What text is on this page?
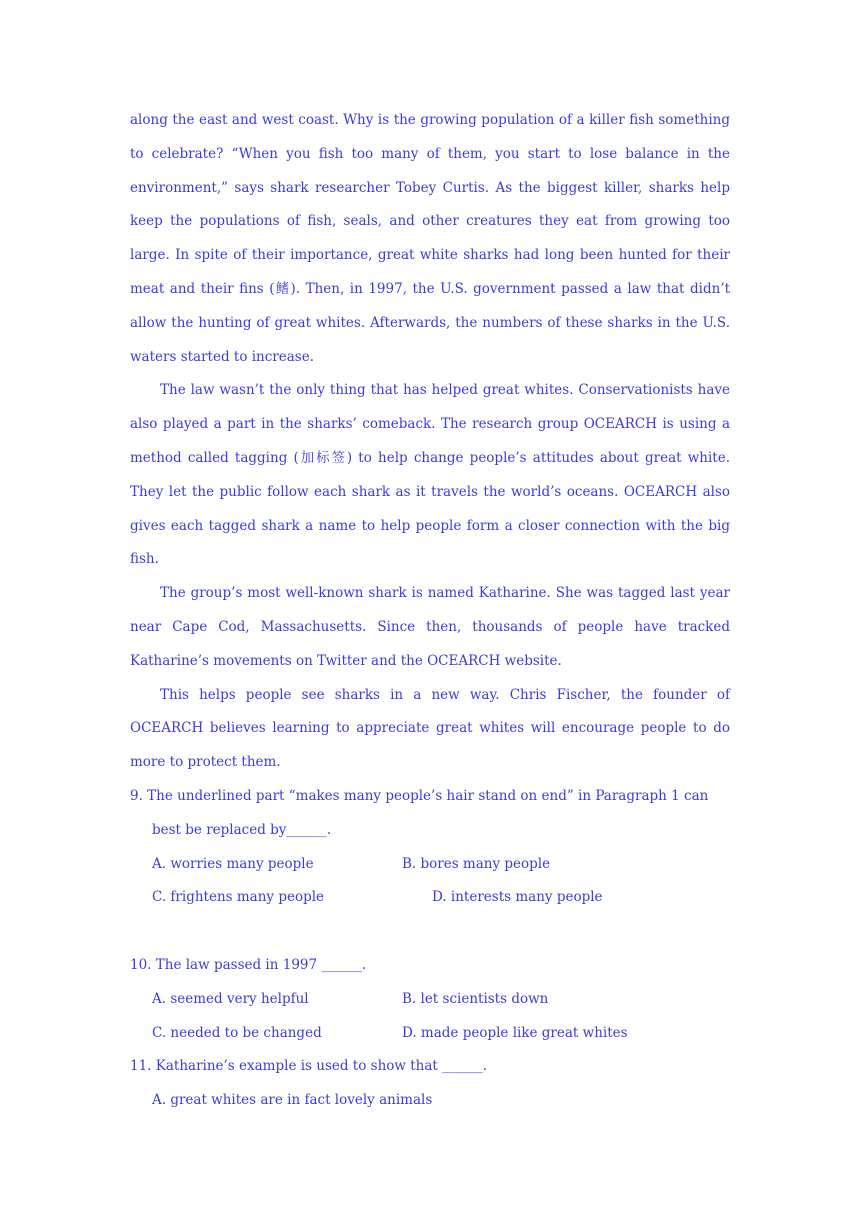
along the east and west coast. Why is the growing population of a killer fish something to celebrate? “When you fish too many of them, you start to lose balance in the environment,” says shark researcher Tobey Curtis. As the biggest killer, sharks help keep the populations of fish, seals, and other creatures they eat from growing too large. In spite of their importance, great white sharks had long been hunted for their meat and their fins (鳍). Then, in 1997, the U.S. government passed a law that didn’t allow the hunting of great whites. Afterwards, the numbers of these sharks in the U.S. waters started to increase.

The law wasn’t the only thing that has helped great whites. Conservationists have also played a part in the sharks’ comeback. The research group OCEARCH is using a method called tagging (加标签) to help change people’s attitudes about great white. They let the public follow each shark as it travels the world’s oceans. OCEARCH also gives each tagged shark a name to help people form a closer connection with the big fish.

The group’s most well-known shark is named Katharine. She was tagged last year near Cape Cod, Massachusetts. Since then, thousands of people have tracked Katharine’s movements on Twitter and the OCEARCH website.

This helps people see sharks in a new way. Chris Fischer, the founder of OCEARCH believes learning to appreciate great whites will encourage people to do more to protect them.

9. The underlined part “makes many people’s hair stand on end” in Paragraph 1 can best be replaced by______.

A. worries many people	B. bores many people
C. frightens many people	D. interests many people

10. The law passed in 1997 ______.

A. seemed very helpful	B. let scientists down
C. needed to be changed	D. made people like great whites

11. Katharine’s example is used to show that ______.

A. great whites are in fact lovely animals
